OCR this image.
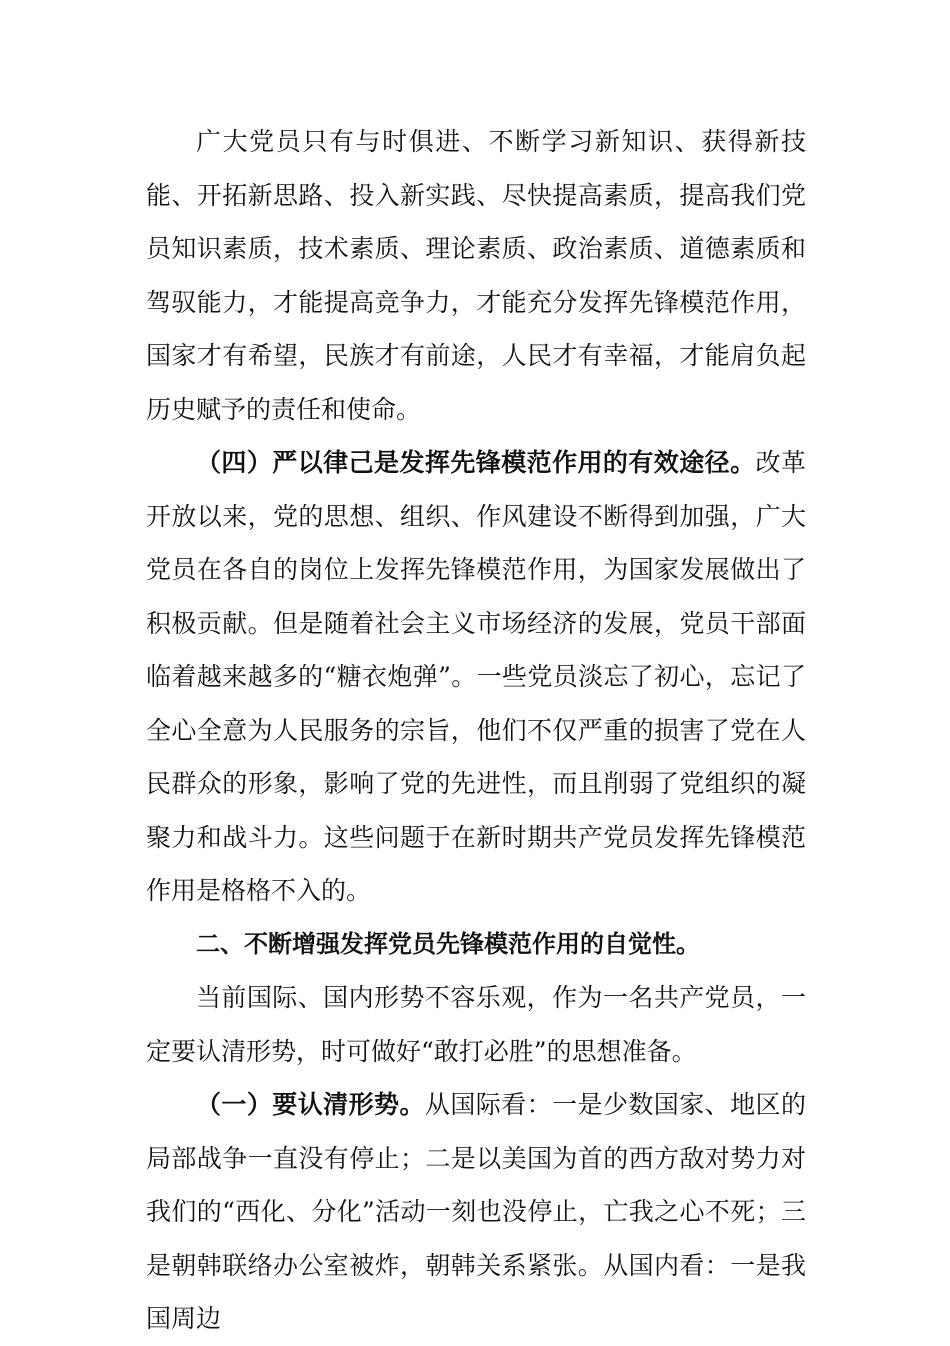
广大党员只有与时俱进、不断学习新知识、获得新技能、开拓新思路、投入新实践、尽快提高素质，提高我们党员知识素质，技术素质、理论素质、政治素质、道德素质和驾驭能力，才能提高竞争力，才能充分发挥先锋模范作用，国家才有希望，民族才有前途，人民才有幸福，才能肩负起历史赋予的责任和使命。

（四）严以律己是发挥先锋模范作用的有效途径。改革开放以来，党的思想、组织、作风建设不断得到加强，广大党员在各自的岗位上发挥先锋模范作用，为国家发展做出了积极贡献。但是随着社会主义市场经济的发展，党员干部面临着越来越多的“糖衣炮弹”。一些党员淡忘了初心，忘记了全心全意为人民服务的宗旨，他们不仅严重的损害了党在人民群众的形象，影响了党的先进性，而且削弱了党组织的凝聚力和战斗力。这些问题于在新时期共产党员发挥先锋模范作用是格格不入的。

二、不断增强发挥党员先锋模范作用的自觉性。

当前国际、国内形势不容乐观，作为一名共产党员，一定要认清形势，时可做好“敢打必胜”的思想准备。

（一）要认清形势。从国际看：一是少数国家、地区的局部战争一直没有停止；二是以美国为首的西方敌对势力对我们的“西化、分化”活动一刻也没停止，亡我之心不死；三是朝韩联络办公室被炸，朝韩关系紧张。从国内看：一是我国周边
